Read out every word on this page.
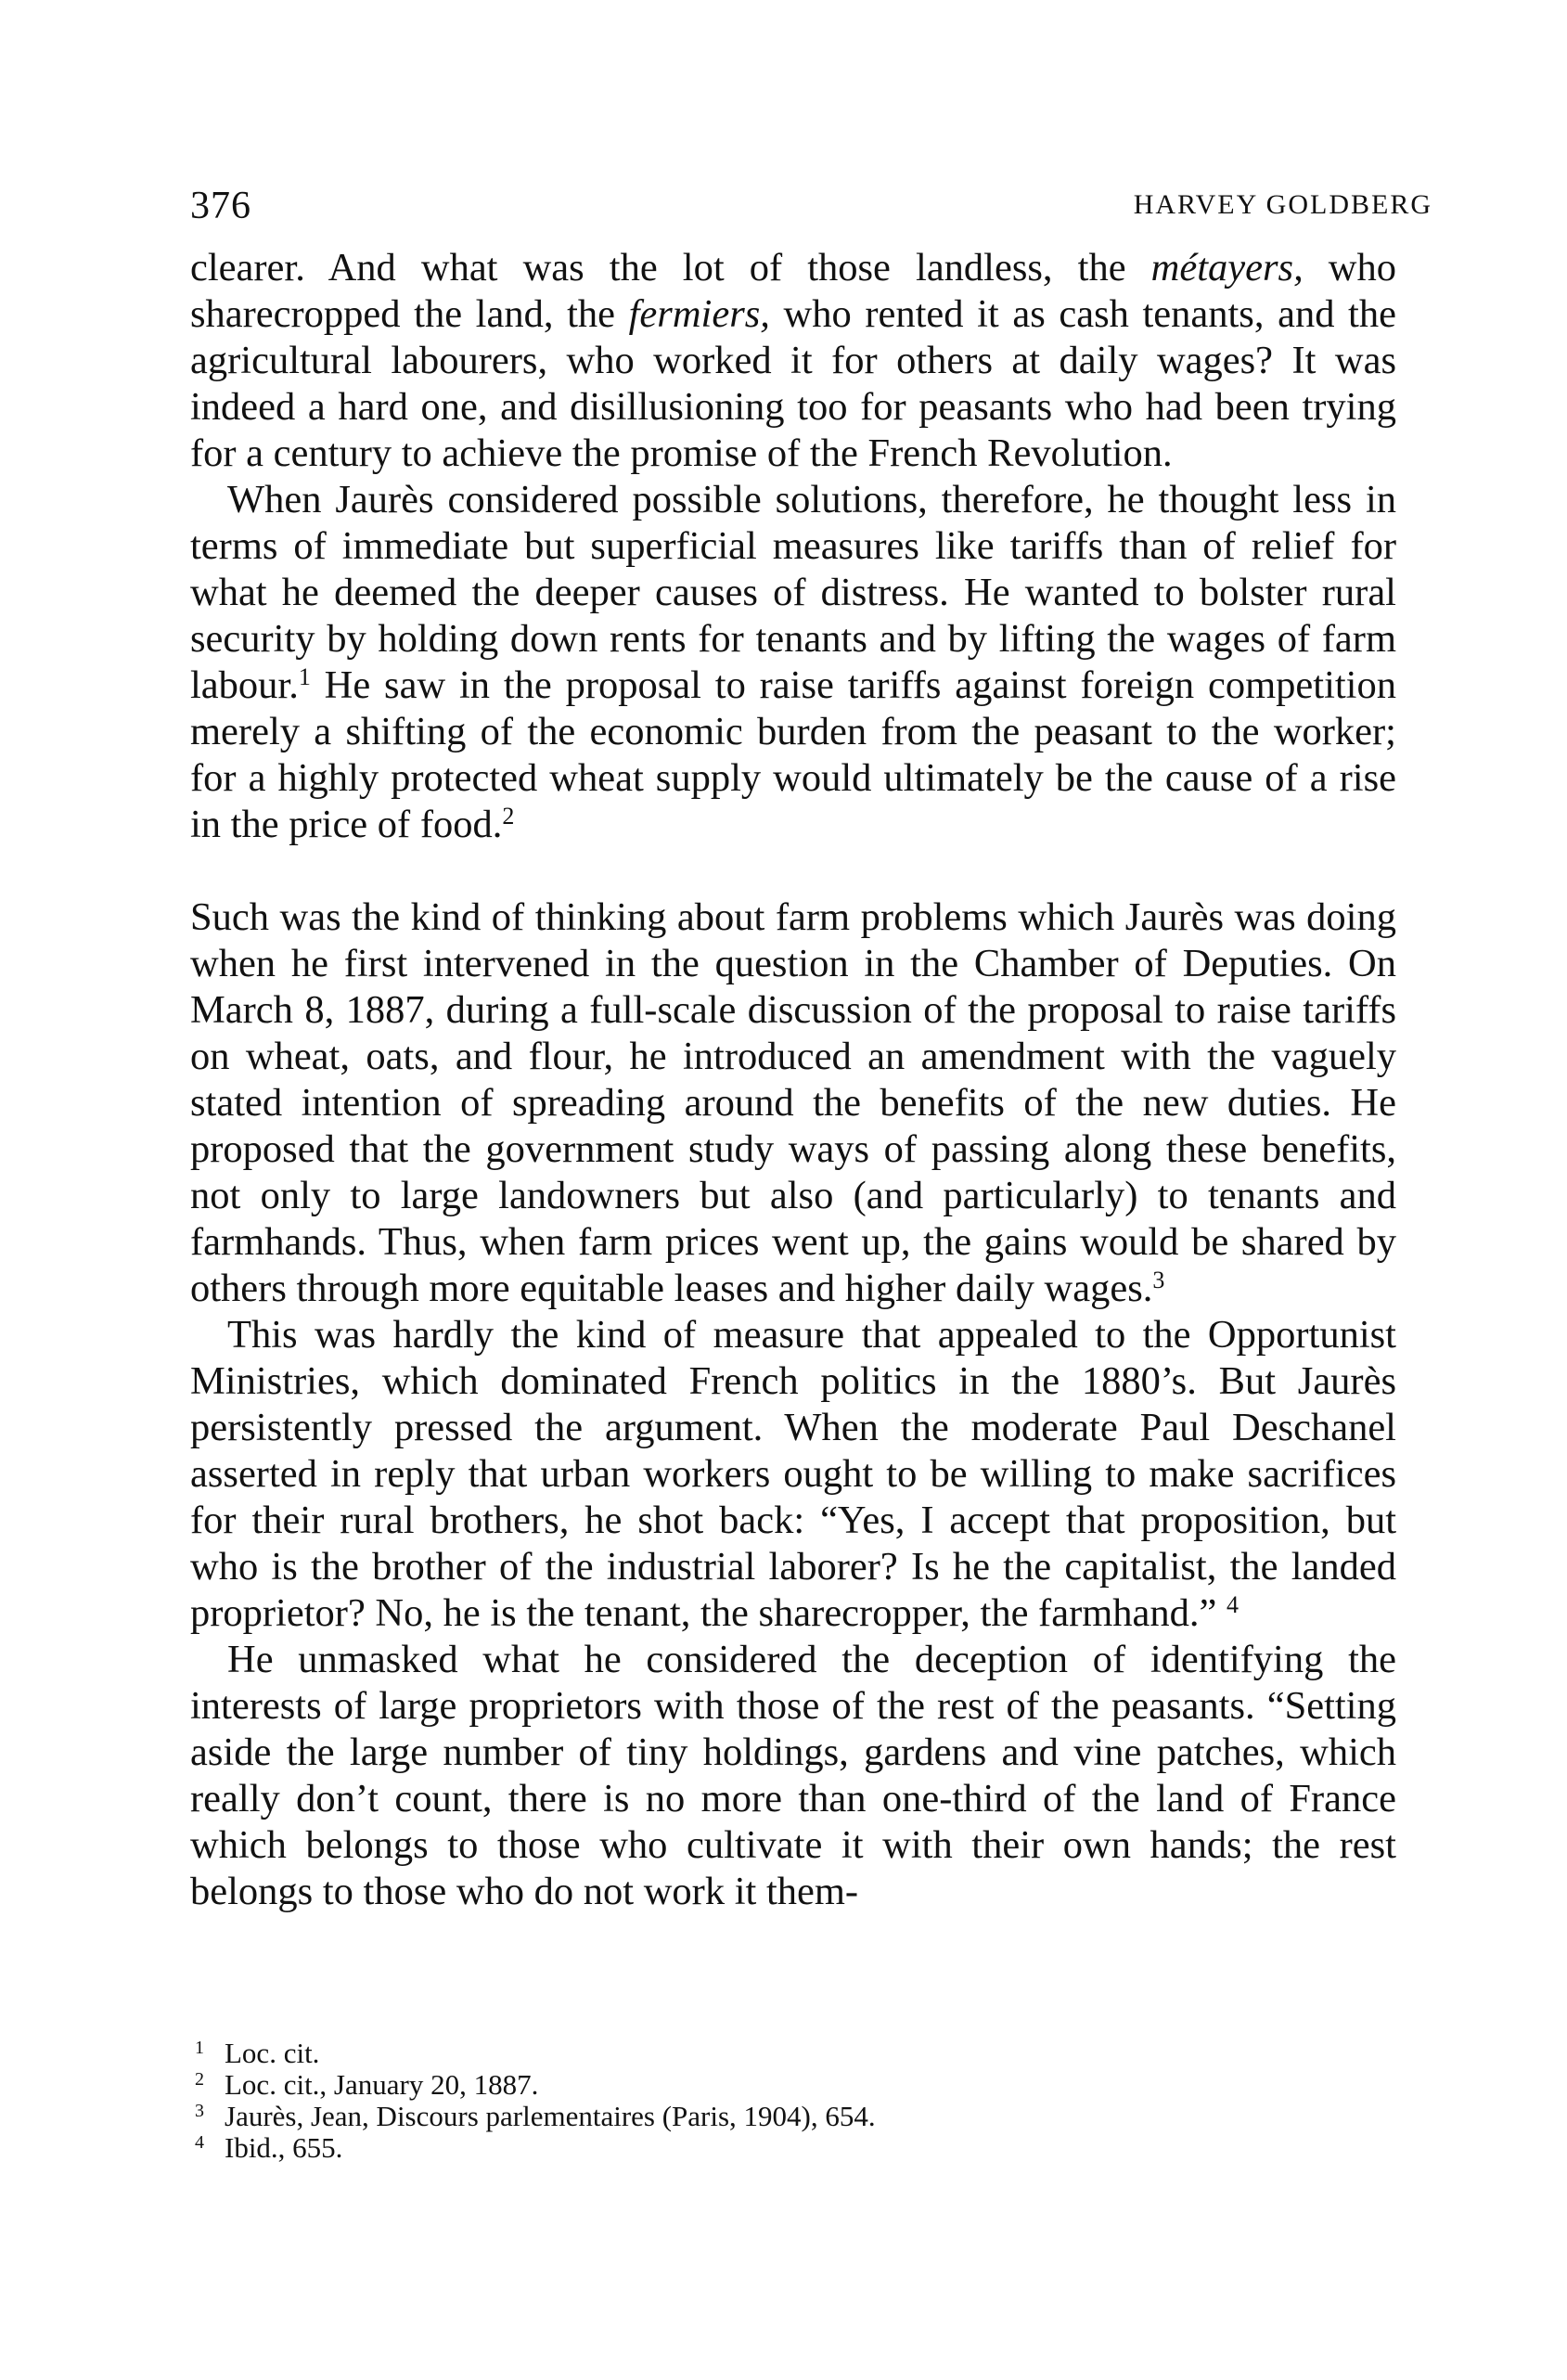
376	HARVEY GOLDBERG

clearer. And what was the lot of those landless, the métayers, who sharecropped the land, the fermiers, who rented it as cash tenants, and the agricultural labourers, who worked it for others at daily wages? It was indeed a hard one, and disillusioning too for peasants who had been trying for a century to achieve the promise of the French Revolution.

When Jaurès considered possible solutions, therefore, he thought less in terms of immediate but superficial measures like tariffs than of relief for what he deemed the deeper causes of distress. He wanted to bolster rural security by holding down rents for tenants and by lifting the wages of farm labour.$^1$ He saw in the proposal to raise tariffs against foreign competition merely a shifting of the economic burden from the peasant to the worker; for a highly protected wheat supply would ultimately be the cause of a rise in the price of food.$^2$

Such was the kind of thinking about farm problems which Jaurès was doing when he first intervened in the question in the Chamber of Deputies. On March 8, 1887, during a full-scale discussion of the proposal to raise tariffs on wheat, oats, and flour, he introduced an amendment with the vaguely stated intention of spreading around the benefits of the new duties. He proposed that the government study ways of passing along these benefits, not only to large landowners but also (and particularly) to tenants and farmhands. Thus, when farm prices went up, the gains would be shared by others through more equitable leases and higher daily wages.$^3$

This was hardly the kind of measure that appealed to the Opportunist Ministries, which dominated French politics in the 1880’s. But Jaurès persistently pressed the argument. When the moderate Paul Deschanel asserted in reply that urban workers ought to be willing to make sacrifices for their rural brothers, he shot back: “Yes, I accept that proposition, but who is the brother of the industrial laborer? Is he the capitalist, the landed proprietor? No, he is the tenant, the sharecropper, the farmhand.” $^4$

He unmasked what he considered the deception of identifying the interests of large proprietors with those of the rest of the peasants. “Setting aside the large number of tiny holdings, gardens and vine patches, which really don’t count, there is no more than one-third of the land of France which belongs to those who cultivate it with their own hands; the rest belongs to those who do not work it them-

$^1$ Loc. cit.
$^2$ Loc. cit., January 20, 1887.
$^3$ Jaurès, Jean, Discours parlementaires (Paris, 1904), 654.
$^4$ Ibid., 655.
